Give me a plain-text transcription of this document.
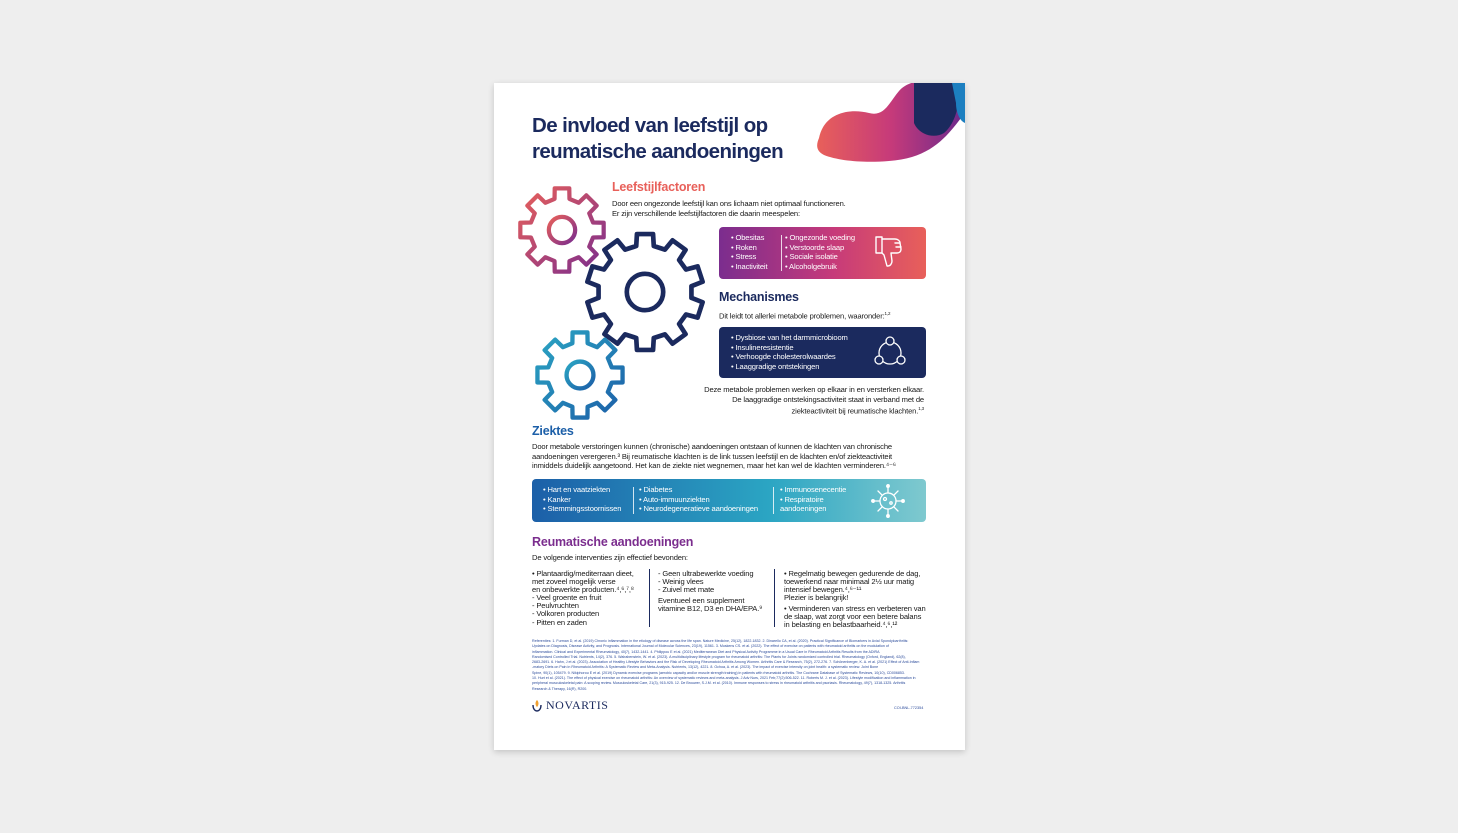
De invloed van leefstijl op
reumatische aandoeningen
Leefstijlfactoren
Door een ongezonde leefstijl kan ons lichaam niet optimaal functioneren.
Er zijn verschillende leefstijlfactoren die daarin meespelen:
• Obesitas
• Roken
• Stress
• Inactiviteit
• Ongezonde voeding
• Verstoorde slaap
• Sociale isolatie
• Alcoholgebruik
Mechanismes
Dit leidt tot allerlei metabole problemen, waaronder:$^{1,2}$
• Dysbiose van het darmmicrobioom
• Insulineresistentie
• Verhoogde cholesterolwaardes
• Laaggradige ontstekingen
Deze metabole problemen werken op elkaar in en versterken elkaar.
De laaggradige ontstekingsactiviteit staat in verband met de
ziekteactiviteit bij reumatische klachten.$^{1,3}$
Ziektes
Door metabole verstoringen kunnen (chronische) aandoeningen ontstaan of kunnen de klachten van chronische
aandoeningen verergeren.³ Bij reumatische klachten is de link tussen leefstijl en de klachten en/of ziekteactiviteit
inmiddels duidelijk aangetoond. Het kan de ziekte niet wegnemen, maar het kan wel de klachten verminderen.⁴⁻⁶
• Hart en vaatziekten
• Kanker
• Stemmingsstoornissen
• Diabetes
• Auto-immuunziekten
• Neurodegeneratieve aandoeningen
• Immunosenecentie
• Respiratoire
aandoeningen
Reumatische aandoeningen
De volgende interventies zijn effectief bevonden:
• Plantaardig/mediterraan dieet,
met zoveel mogelijk verse
en onbewerkte producten.⁴,⁶,⁷,⁸
- Veel groente en fruit
- Peulvruchten
- Volkoren producten
- Pitten en zaden
- Geen ultrabewerkte voeding
- Weinig vlees
- Zuivel met mate
Eventueel een supplement
vitamine B12, D3 en DHA/EPA.⁹
• Regelmatig bewegen gedurende de dag,
toewerkend naar minimaal 2½ uur matig
intensief bewegen.⁴,⁶⁻¹¹
Plezier is belangrijk!
• Verminderen van stress en verbeteren van
de slaap, wat zorgt voor een betere balans
in belasting en belastbaarheid.⁴,⁶,¹²
Referenties: 1. Furman D, et al. (2019) Chronic inflammation in the etiology of disease across the life span. Nature Medicine, 25(12), 1822-1832. 2. Dinarello CA, et al. (2020). Practical Significance of Biomarkers in Axial Spondyloarthritis:
Updates on Diagnosis, Disease Activity, and Prognosis. International Journal of Molecular Sciences, 23(19), 11561. 3. Muskens CS. et al. (2022). The effect of exercise on patients with rheumatoid arthritis on the modulation of
inflammation. Clinical and Experimental Rheumatology, 40(7), 1432-1441. 4. Philippou E et al. (2021) Mediterranean Diet and Physical Activity Programme in a Usual Care in Rheumatoid Arthritis Results from the ADIRA
Randomised Controlled Trial. Nutrients, 14(2), 376. 5. Walrabenstein, W. et al. (2023). A multidisciplinary lifestyle program for rheumatoid arthritis: The Plants for Joints randomized controlled trial. Rheumatology (Oxford, England), 62(8),
2683-2691. 6. Hahn, J et al. (2023). Association of Healthy Lifestyle Behaviors and the Risk of Developing Rheumatoid Arthritis Among Women. Arthritis Care & Research, 75(2), 272-276. 7. Schönenberger, K. A. et al. (2021) Effect of Anti-Inflam
-matory Diets on Pain in Rheumatoid Arthritis: A Systematic Review and Meta-Analysis. Nutrients, 13(12), 4221. 8. Ochoa, A. et al. (2023). The impact of exercise intensity on joint health: a systematic review. Joint Bone
Spine, 90(1), 105479. 9. Nikiphorou E et al. (2019) Dynamic exercise programs (aerobic capacity and/or muscle strength training) in patients with rheumatoid arthritis. The Cochrane Database of Systematic Reviews, 10(10), CD006853.
10. Hurt et al. (2021). The effect of physical exercise on rheumatoid arthritis: An overview of systematic reviews and meta-analysis. J Adv Nurs, 2021 Feb;77(2):506-522. 11. Roberts M. J. et al. (2023). Lifestyle modification and inflammation in
peripheral musculoskeletal pain: A scoping review. Musculoskeletal Care, 21(3), 915-925. 12. De Brouwer, S.J.M. et al. (2010). Immune responses to stress in rheumatoid arthritis and psoriasis. Rheumatology, 49(7), 1318-1325. Arthritis
Research & Therapy, 16(R), R200.
NOVARTIS	COI-BNL-772354
